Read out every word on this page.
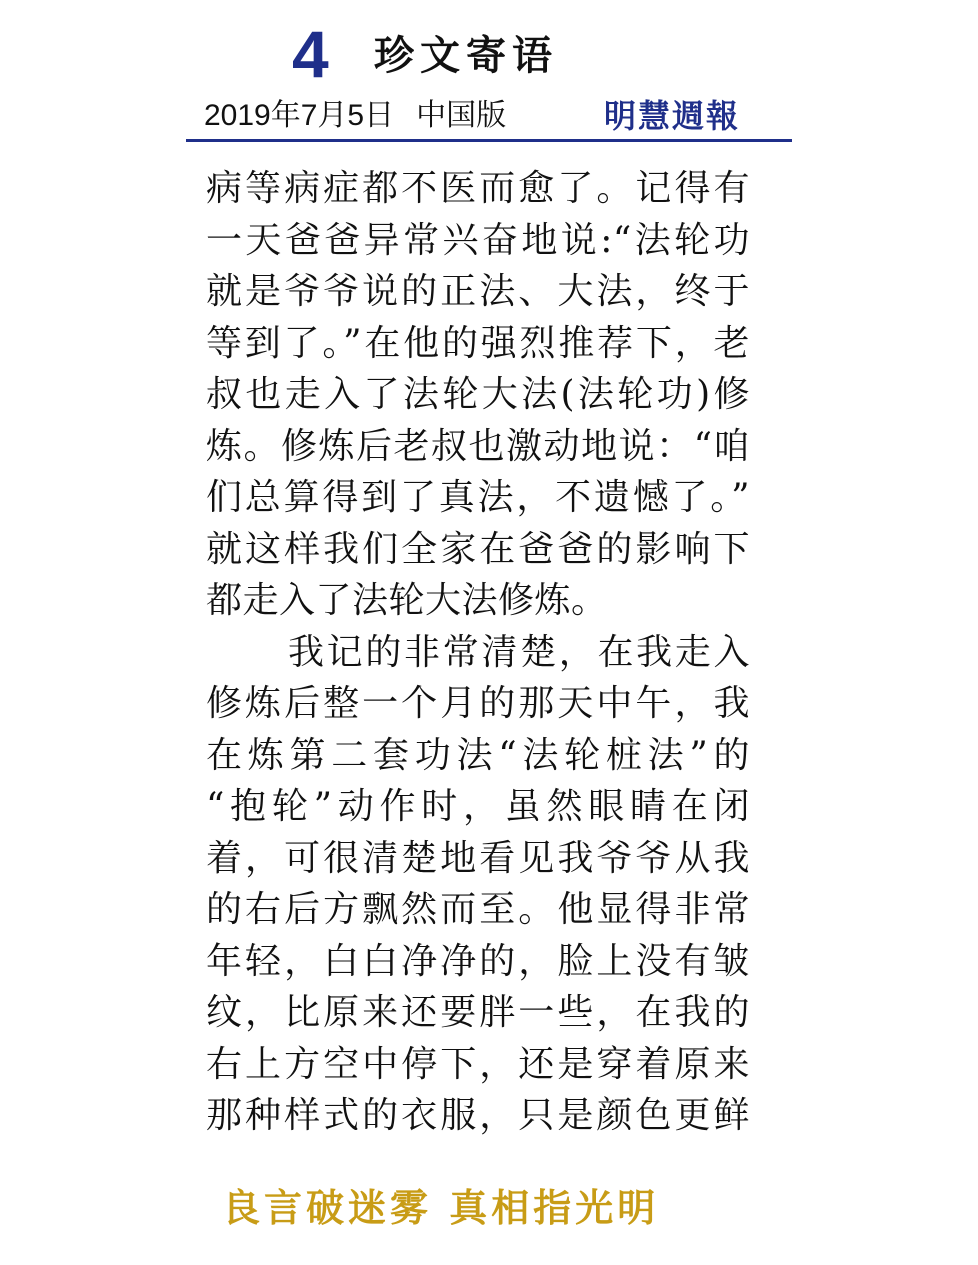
4 珍文寄语
2019年7月5日 中国版	明慧週報
病等病症都不医而愈了。记得有
一天爸爸异常兴奋地说:“法轮功
就是爷爷说的正法、大法，终于
等到了。”在他的强烈推荐下，老
叔也走入了法轮大法(法轮功)修
炼。修炼后老叔也激动地说：“咱
们总算得到了真法，不遗憾了。”
就这样我们全家在爸爸的影响下
都走入了法轮大法修炼。
我记的非常清楚，在我走入
修炼后整一个月的那天中午，我
在炼第二套功法“法轮桩法”的
“抱轮”动作时，虽然眼睛在闭
着，可很清楚地看见我爷爷从我
的右后方飘然而至。他显得非常
年轻，白白净净的，脸上没有皱
纹，比原来还要胖一些，在我的
右上方空中停下，还是穿着原来
那种样式的衣服，只是颜色更鲜
良言破迷雾 真相指光明
